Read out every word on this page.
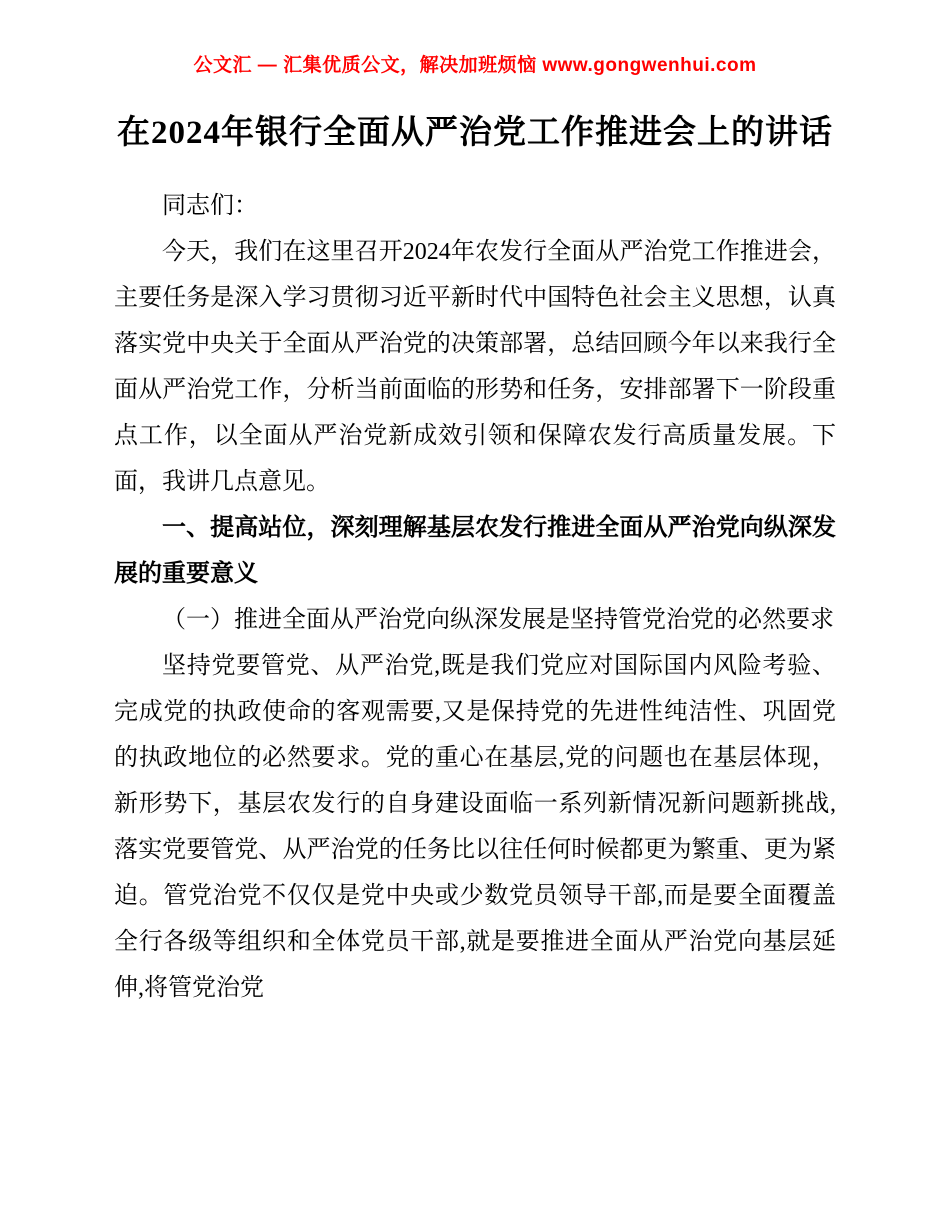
公文汇 — 汇集优质公文，解决加班烦恼 www.gongwenhui.com
在2024年银行全面从严治党工作推进会上的讲话

同志们：

今天，我们在这里召开2024年农发行全面从严治党工作推进会，主要任务是深入学习贯彻习近平新时代中国特色社会主义思想，认真落实党中央关于全面从严治党的决策部署，总结回顾今年以来我行全面从严治党工作，分析当前面临的形势和任务，安排部署下一阶段重点工作，以全面从严治党新成效引领和保障农发行高质量发展。下面，我讲几点意见。

一、提高站位，深刻理解基层农发行推进全面从严治党向纵深发展的重要意义

（一）推进全面从严治党向纵深发展是坚持管党治党的必然要求

坚持党要管党、从严治党,既是我们党应对国际国内风险考验、完成党的执政使命的客观需要,又是保持党的先进性纯洁性、巩固党的执政地位的必然要求。党的重心在基层,党的问题也在基层体现，新形势下，基层农发行的自身建设面临一系列新情况新问题新挑战,落实党要管党、从严治党的任务比以往任何时候都更为繁重、更为紧迫。管党治党不仅仅是党中央或少数党员领导干部,而是要全面覆盖全行各级等组织和全体党员干部,就是要推进全面从严治党向基层延伸,将管党治党
